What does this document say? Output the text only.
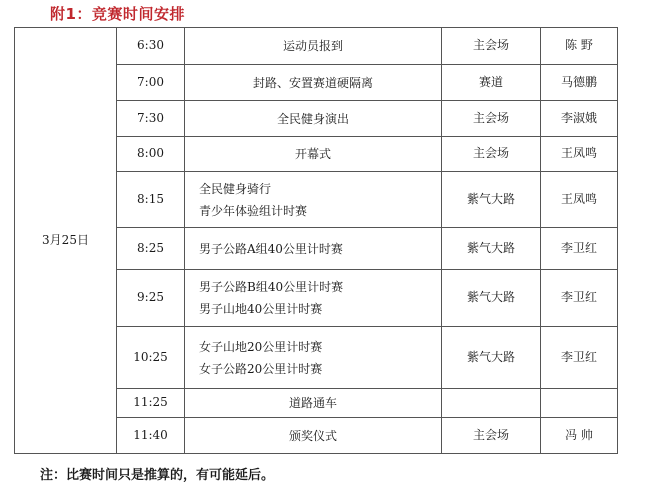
附1：竞赛时间安排
3月25日	6:30	运动员报到	主会场	陈 野
	7:00	封路、安置赛道硬隔离	赛道	马德鹏
	7:30	全民健身演出	主会场	李淑娥
	8:00	开幕式	主会场	王凤鸣
	8:15	全民健身骑行
青少年体验组计时赛	紫气大路	王凤鸣
	8:25	男子公路A组40公里计时赛	紫气大路	李卫红
	9:25	男子公路B组40公里计时赛
男子山地40公里计时赛	紫气大路	李卫红
	10:25	女子山地20公里计时赛
女子公路20公里计时赛	紫气大路	李卫红
	11:25	道路通车		

	11:40	颁奖仪式	主会场	冯 帅
注：比赛时间只是推算的，有可能延后。
